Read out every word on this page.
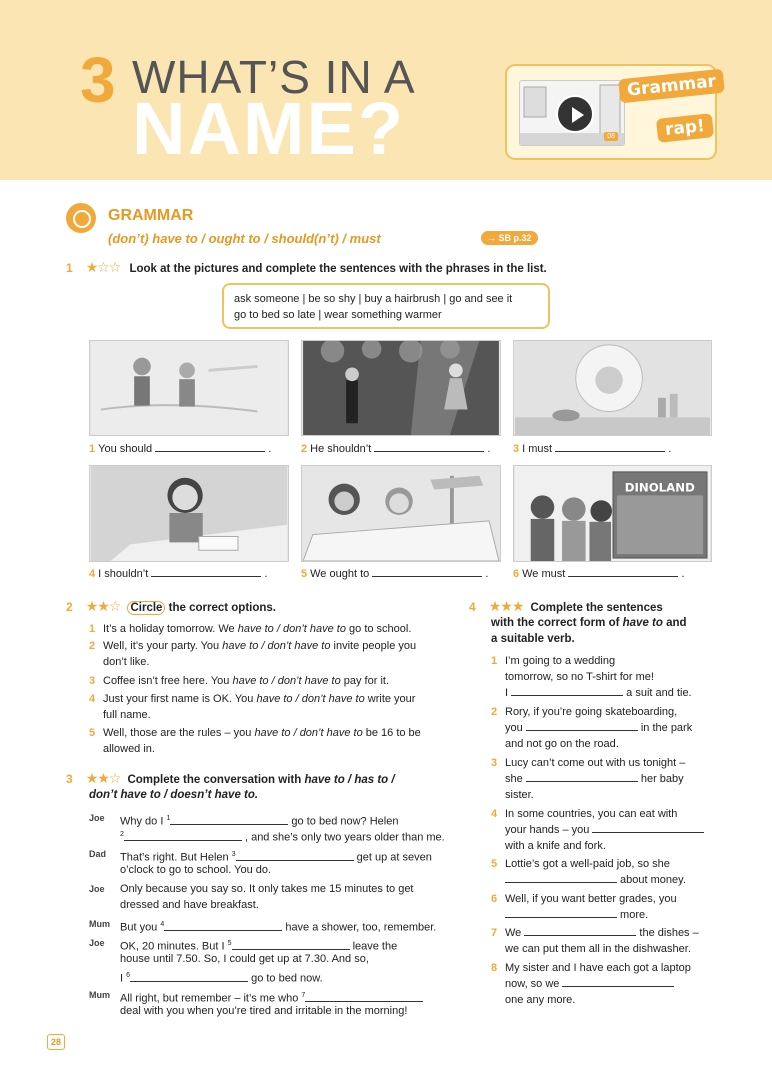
3 WHAT’S IN A
NAME?	08
Grammar
rap!
GRAMMAR
(don’t) have to / ought to / should(n’t) / must	→ SB p.32
1 ★☆☆ Look at the pictures and complete the sentences with the phrases in the list.
ask someone | be so shy | buy a hairbrush | go and see it
go to bed so late | wear something warmer
1 You should	.	2 He shouldn’t	. 3 I must	.
DINOLAND
4 I shouldn’t	.	5 We ought to	. 6 We must	.
2 ★★☆ Circle the correct options.
1 It’s a holiday tomorrow. We have to / don’t have to go to school.
2 Well, it’s your party. You have to / don’t have to invite people you
don’t like.
3 Coffee isn’t free here. You have to / don’t have to pay for it.
4 Just your first name is OK. You have to / don’t have to write your
full name.
5 Well, those are the rules – you have to / don’t have to be 16 to be
allowed in.
3 ★★☆ Complete the conversation with have to / has to /
don’t have to / doesn’t have to.
Joe Why do I $^1$	go to bed now? Helen
$^2$	, and she’s only two years older than me.
Dad That’s right. But Helen $^3$	get up at seven
o’clock to go to school. You do.
Joe Only because you say so. It only takes me 15 minutes to get
dressed and have breakfast.
Mum But you $^4$	have a shower, too, remember.
Joe OK, 20 minutes. But I $^5$	leave the
house until 7.50. So, I could get up at 7.30. And so,
I $^6$	go to bed now.
Mum All right, but remember – it’s me who $^7$
deal with you when you’re tired and irritable in the morning!
4 ★★★ Complete the sentences
with the correct form of have to and
a suitable verb.
1 I’m going to a wedding
tomorrow, so no T-shirt for me!
I	a suit and tie.
2 Rory, if you’re going skateboarding,
you	in the park
and not go on the road.
3 Lucy can’t come out with us tonight –
she	her baby
sister.
4 In some countries, you can eat with
your hands – you
with a knife and fork.
5 Lottie’s got a well-paid job, so she
about money.
6 Well, if you want better grades, you
more.
7 We	the dishes –
we can put them all in the dishwasher.
8 My sister and I have each got a laptop
now, so we
one any more.
28
